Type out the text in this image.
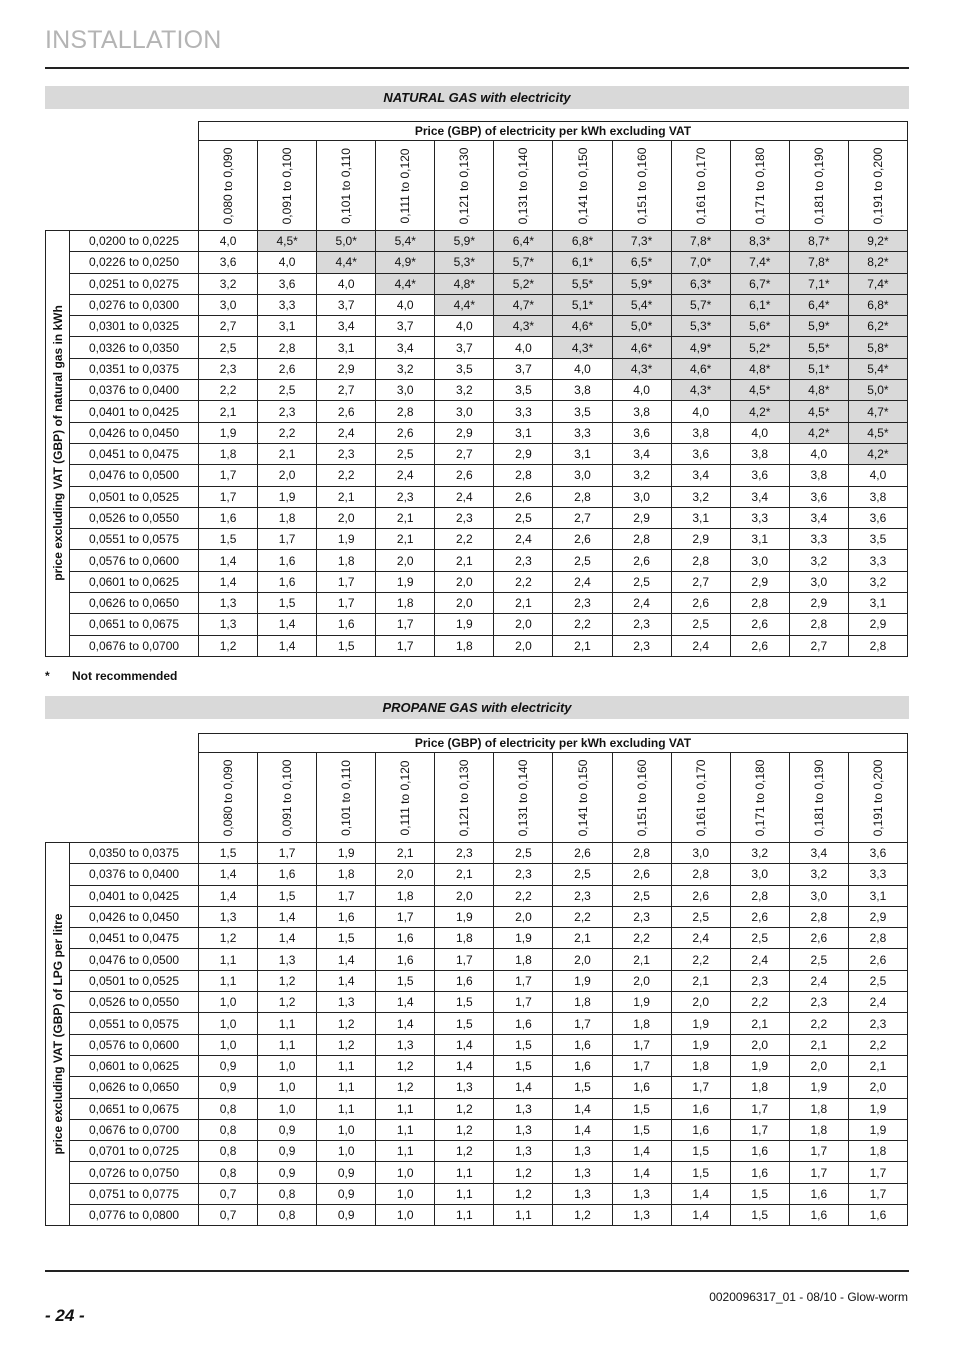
INSTALLATION
NATURAL GAS with electricity
		Price (GBP) of electricity per kWh excluding VAT											

		0,080 to 0,090	0,091 to 0,100	0,101 to 0,110	0,111 to 0,120	0,121 to 0,130	0,131 to 0,140	0,141 to 0,150	0,151 to 0,160	0,161 to 0,170	0,171 to 0,180	0,181 to 0,190	0,191 to 0,200

price excluding VAT (GBP) of natural gas in kWh	0,0200 to 0,0225	4,0	4,5*	5,0*	5,4*	5,9*	6,4*	6,8*	7,3*	7,8*	8,3*	8,7*	9,2*
	0,0226 to 0,0250	3,6	4,0	4,4*	4,9*	5,3*	5,7*	6,1*	6,5*	7,0*	7,4*	7,8*	8,2*
	0,0251 to 0,0275	3,2	3,6	4,0	4,4*	4,8*	5,2*	5,5*	5,9*	6,3*	6,7*	7,1*	7,4*
	0,0276 to 0,0300	3,0	3,3	3,7	4,0	4,4*	4,7*	5,1*	5,4*	5,7*	6,1*	6,4*	6,8*
	0,0301 to 0,0325	2,7	3,1	3,4	3,7	4,0	4,3*	4,6*	5,0*	5,3*	5,6*	5,9*	6,2*
	0,0326 to 0,0350	2,5	2,8	3,1	3,4	3,7	4,0	4,3*	4,6*	4,9*	5,2*	5,5*	5,8*
	0,0351 to 0,0375	2,3	2,6	2,9	3,2	3,5	3,7	4,0	4,3*	4,6*	4,8*	5,1*	5,4*
	0,0376 to 0,0400	2,2	2,5	2,7	3,0	3,2	3,5	3,8	4,0	4,3*	4,5*	4,8*	5,0*
	0,0401 to 0,0425	2,1	2,3	2,6	2,8	3,0	3,3	3,5	3,8	4,0	4,2*	4,5*	4,7*
	0,0426 to 0,0450	1,9	2,2	2,4	2,6	2,9	3,1	3,3	3,6	3,8	4,0	4,2*	4,5*
	0,0451 to 0,0475	1,8	2,1	2,3	2,5	2,7	2,9	3,1	3,4	3,6	3,8	4,0	4,2*
	0,0476 to 0,0500	1,7	2,0	2,2	2,4	2,6	2,8	3,0	3,2	3,4	3,6	3,8	4,0
	0,0501 to 0,0525	1,7	1,9	2,1	2,3	2,4	2,6	2,8	3,0	3,2	3,4	3,6	3,8
	0,0526 to 0,0550	1,6	1,8	2,0	2,1	2,3	2,5	2,7	2,9	3,1	3,3	3,4	3,6
	0,0551 to 0,0575	1,5	1,7	1,9	2,1	2,2	2,4	2,6	2,8	2,9	3,1	3,3	3,5
	0,0576 to 0,0600	1,4	1,6	1,8	2,0	2,1	2,3	2,5	2,6	2,8	3,0	3,2	3,3
	0,0601 to 0,0625	1,4	1,6	1,7	1,9	2,0	2,2	2,4	2,5	2,7	2,9	3,0	3,2
	0,0626 to 0,0650	1,3	1,5	1,7	1,8	2,0	2,1	2,3	2,4	2,6	2,8	2,9	3,1
	0,0651 to 0,0675	1,3	1,4	1,6	1,7	1,9	2,0	2,2	2,3	2,5	2,6	2,8	2,9
	0,0676 to 0,0700	1,2	1,4	1,5	1,7	1,8	2,0	2,1	2,3	2,4	2,6	2,7	2,8
*	Not recommended
PROPANE GAS with electricity
		Price (GBP) of electricity per kWh excluding VAT											

		0,080 to 0,090	0,091 to 0,100	0,101 to 0,110	0,111 to 0,120	0,121 to 0,130	0,131 to 0,140	0,141 to 0,150	0,151 to 0,160	0,161 to 0,170	0,171 to 0,180	0,181 to 0,190	0,191 to 0,200

price excluding VAT (GBP) of LPG per litre	0,0350 to 0,0375	1,5	1,7	1,9	2,1	2,3	2,5	2,6	2,8	3,0	3,2	3,4	3,6
	0,0376 to 0,0400	1,4	1,6	1,8	2,0	2,1	2,3	2,5	2,6	2,8	3,0	3,2	3,3
	0,0401 to 0,0425	1,4	1,5	1,7	1,8	2,0	2,2	2,3	2,5	2,6	2,8	3,0	3,1
	0,0426 to 0,0450	1,3	1,4	1,6	1,7	1,9	2,0	2,2	2,3	2,5	2,6	2,8	2,9
	0,0451 to 0,0475	1,2	1,4	1,5	1,6	1,8	1,9	2,1	2,2	2,4	2,5	2,6	2,8
	0,0476 to 0,0500	1,1	1,3	1,4	1,6	1,7	1,8	2,0	2,1	2,2	2,4	2,5	2,6
	0,0501 to 0,0525	1,1	1,2	1,4	1,5	1,6	1,7	1,9	2,0	2,1	2,3	2,4	2,5
	0,0526 to 0,0550	1,0	1,2	1,3	1,4	1,5	1,7	1,8	1,9	2,0	2,2	2,3	2,4
	0,0551 to 0,0575	1,0	1,1	1,2	1,4	1,5	1,6	1,7	1,8	1,9	2,1	2,2	2,3
	0,0576 to 0,0600	1,0	1,1	1,2	1,3	1,4	1,5	1,6	1,7	1,9	2,0	2,1	2,2
	0,0601 to 0,0625	0,9	1,0	1,1	1,2	1,4	1,5	1,6	1,7	1,8	1,9	2,0	2,1
	0,0626 to 0,0650	0,9	1,0	1,1	1,2	1,3	1,4	1,5	1,6	1,7	1,8	1,9	2,0
	0,0651 to 0,0675	0,8	1,0	1,1	1,1	1,2	1,3	1,4	1,5	1,6	1,7	1,8	1,9
	0,0676 to 0,0700	0,8	0,9	1,0	1,1	1,2	1,3	1,4	1,5	1,6	1,7	1,8	1,9
	0,0701 to 0,0725	0,8	0,9	1,0	1,1	1,2	1,3	1,3	1,4	1,5	1,6	1,7	1,8
	0,0726 to 0,0750	0,8	0,9	0,9	1,0	1,1	1,2	1,3	1,4	1,5	1,6	1,7	1,7
	0,0751 to 0,0775	0,7	0,8	0,9	1,0	1,1	1,2	1,3	1,3	1,4	1,5	1,6	1,7
	0,0776 to 0,0800	0,7	0,8	0,9	1,0	1,1	1,1	1,2	1,3	1,4	1,5	1,6	1,6
0020096317_01 - 08/10 - Glow-worm
- 24 -
